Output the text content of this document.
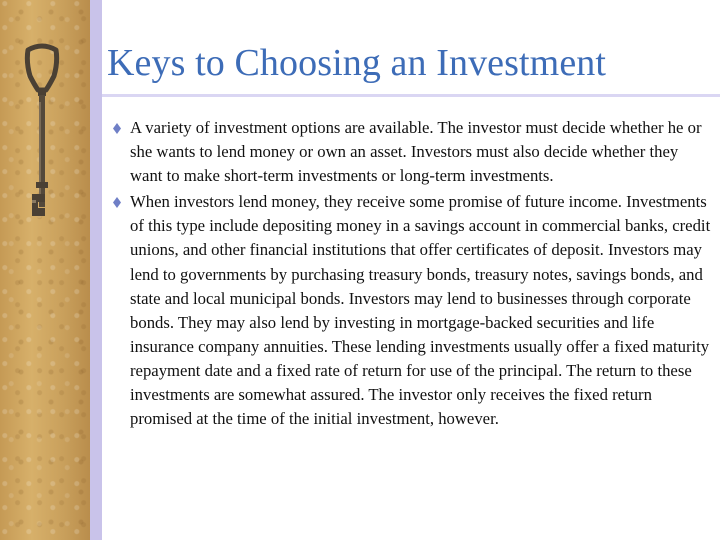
Keys to Choosing an Investment
A variety of investment options are available. The investor must decide whether he or she wants to lend money or own an asset. Investors must also decide whether they want to make short-term investments or long-term investments.
When investors lend money, they receive some promise of future income. Investments of this type include depositing money in a savings account in commercial banks, credit unions, and other financial institutions that offer certificates of deposit. Investors may lend to governments by purchasing treasury bonds, treasury notes, savings bonds, and state and local municipal bonds. Investors may lend to businesses through corporate bonds. They may also lend by investing in mortgage-backed securities and life insurance company annuities. These lending investments usually offer a fixed maturity repayment date and a fixed rate of return for use of the principal. The return to these investments are somewhat assured. The investor only receives the fixed return promised at the time of the initial investment, however.
